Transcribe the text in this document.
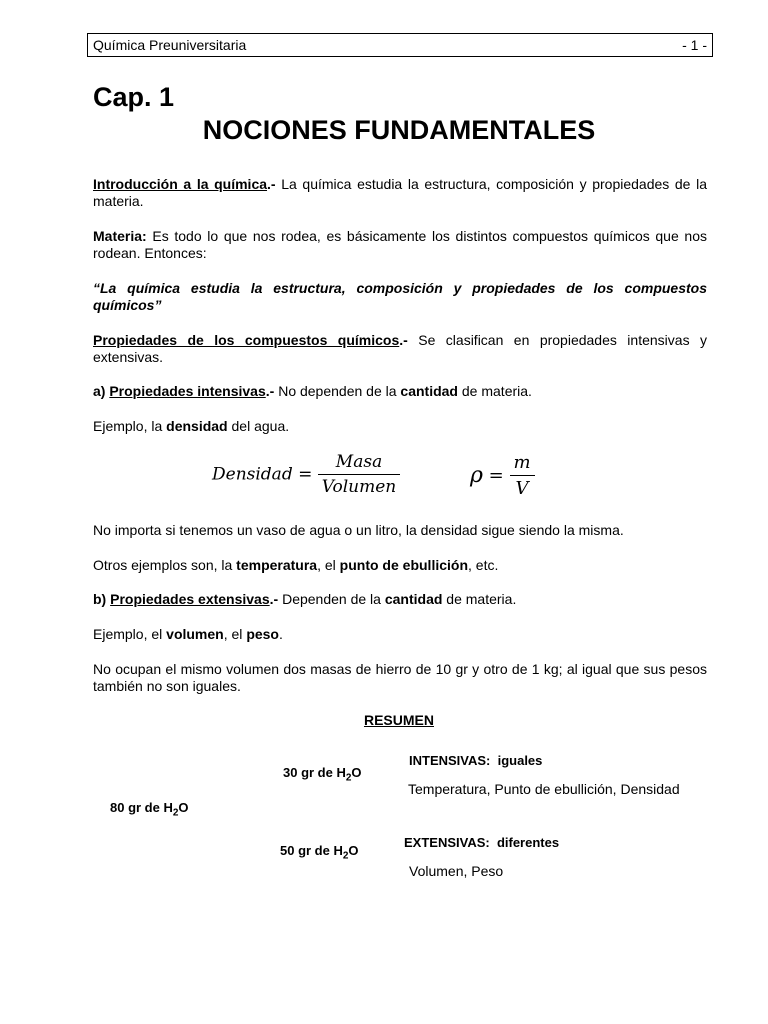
Química Preuniversitaria	- 1 -
Cap. 1
NOCIONES FUNDAMENTALES
Introducción a la química.- La química estudia la estructura, composición y propiedades de la materia.
Materia: Es todo lo que nos rodea, es básicamente los distintos compuestos químicos que nos rodean. Entonces:
“La química estudia la estructura, composición y propiedades de los compuestos químicos”
Propiedades de los compuestos químicos.- Se clasifican en propiedades intensivas y extensivas.
a) Propiedades intensivas.- No dependen de la cantidad de materia.
Ejemplo, la densidad del agua.
Densidad = $\frac{\text{Masa}}{\text{Volumen}}$	$\rho = \frac{m}{V}$
No importa si tenemos un vaso de agua o un litro, la densidad sigue siendo la misma.
Otros ejemplos son, la temperatura, el punto de ebullición, etc.
b) Propiedades extensivas.- Dependen de la cantidad de materia.
Ejemplo, el volumen, el peso.
No ocupan el mismo volumen dos masas de hierro de 10 gr y otro de 1 kg; al igual que sus pesos también no son iguales.
RESUMEN
30 gr de $H_2O$
80 gr de $H_2O$
50 gr de $H_2O$
INTENSIVAS:  iguales
Temperatura, Punto de ebullición, Densidad
EXTENSIVAS:  diferentes
Volumen, Peso
